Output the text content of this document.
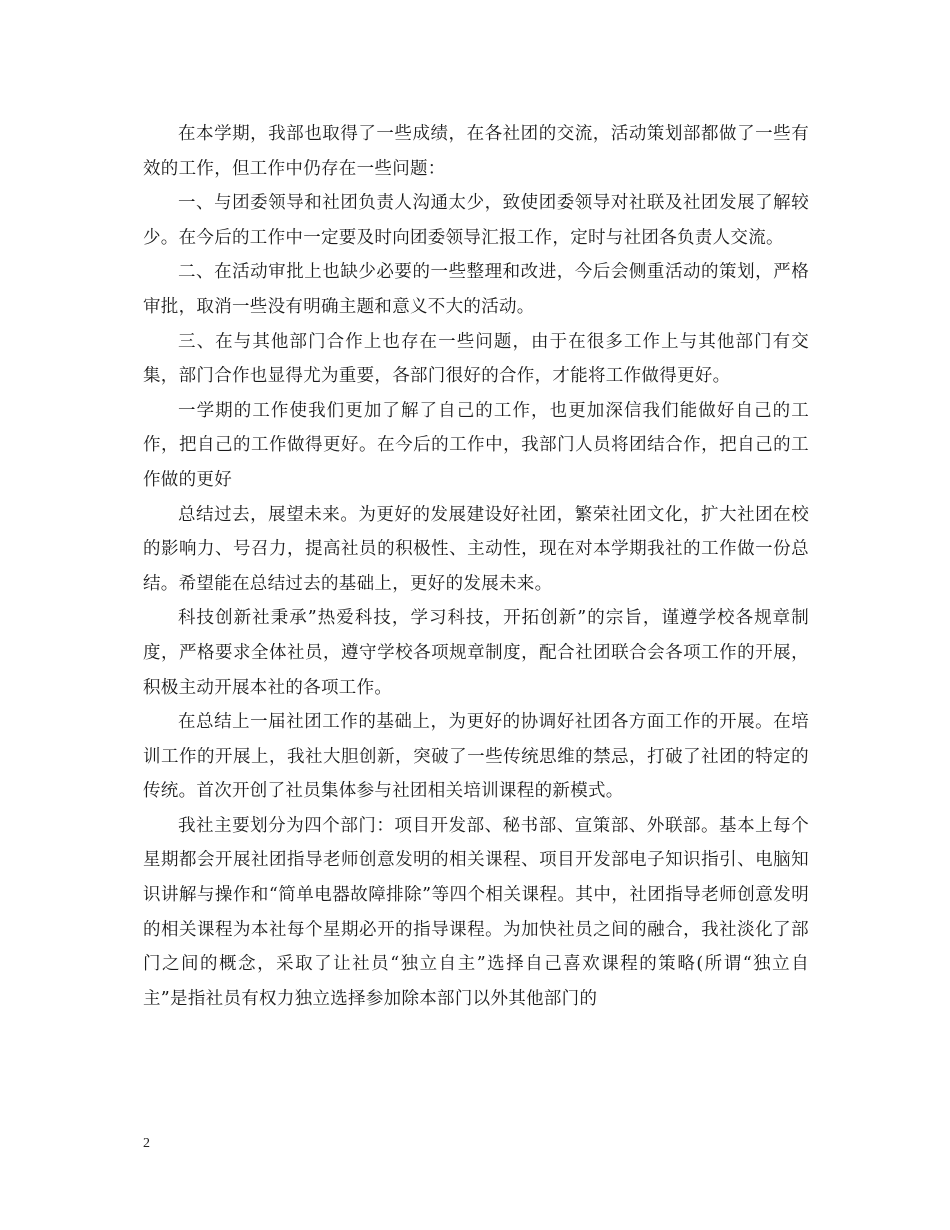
在本学期，我部也取得了一些成绩，在各社团的交流，活动策划部都做了一些有效的工作，但工作中仍存在一些问题：

一、与团委领导和社团负责人沟通太少，致使团委领导对社联及社团发展了解较少。在今后的工作中一定要及时向团委领导汇报工作，定时与社团各负责人交流。

二、在活动审批上也缺少必要的一些整理和改进，今后会侧重活动的策划，严格审批，取消一些没有明确主题和意义不大的活动。

三、在与其他部门合作上也存在一些问题，由于在很多工作上与其他部门有交集，部门合作也显得尤为重要，各部门很好的合作，才能将工作做得更好。

一学期的工作使我们更加了解了自己的工作，也更加深信我们能做好自己的工作，把自己的工作做得更好。在今后的工作中，我部门人员将团结合作，把自己的工作做的更好

总结过去，展望未来。为更好的发展建设好社团，繁荣社团文化，扩大社团在校的影响力、号召力，提高社员的积极性、主动性，现在对本学期我社的工作做一份总结。希望能在总结过去的基础上，更好的发展未来。

科技创新社秉承”热爱科技，学习科技，开拓创新”的宗旨，谨遵学校各规章制度，严格要求全体社员，遵守学校各项规章制度，配合社团联合会各项工作的开展，积极主动开展本社的各项工作。

在总结上一届社团工作的基础上，为更好的协调好社团各方面工作的开展。在培训工作的开展上，我社大胆创新，突破了一些传统思维的禁忌，打破了社团的特定的传统。首次开创了社员集体参与社团相关培训课程的新模式。

我社主要划分为四个部门：项目开发部、秘书部、宣策部、外联部。基本上每个星期都会开展社团指导老师创意发明的相关课程、项目开发部电子知识指引、电脑知识讲解与操作和“简单电器故障排除”等四个相关课程。其中，社团指导老师创意发明的相关课程为本社每个星期必开的指导课程。为加快社员之间的融合，我社淡化了部门之间的概念，采取了让社员“独立自主”选择自己喜欢课程的策略(所谓“独立自主”是指社员有权力独立选择参加除本部门以外其他部门的

2
